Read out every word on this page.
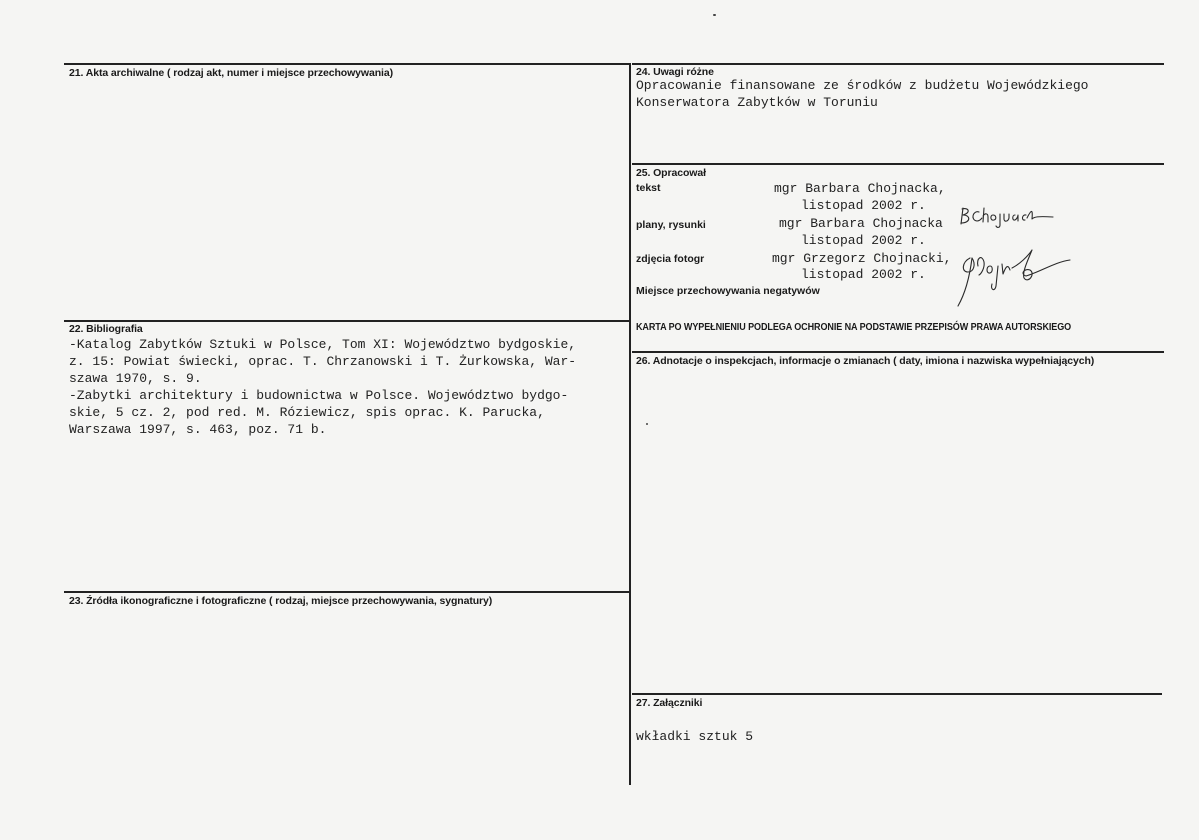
21. Akta archiwalne ( rodzaj akt, numer i miejsce przechowywania)
22. Bibliografia
-Katalog Zabytków Sztuki w Polsce, Tom XI: Województwo bydgoskie,
z. 15: Powiat świecki, oprac. T. Chrzanowski i T. Żurkowska, War-
szawa 1970, s. 9.
-Zabytki architektury i budownictwa w Polsce. Województwo bydgo-
skie, 5 cz. 2, pod red. M. Róziewicz, spis oprac. K. Parucka,
Warszawa 1997, s. 463, poz. 71 b.
23. Źródła ikonograficzne i fotograficzne ( rodzaj, miejsce przechowywania, sygnatury)
24. Uwagi różne
Opracowanie finansowane ze środków z budżetu Wojewódzkiego
Konserwatora Zabytków w Toruniu
25. Opracował
tekst	mgr Barbara Chojnacka,
listopad 2002 r.
plany, rysunki	mgr Barbara Chojnacka
listopad 2002 r.
zdjęcia fotogr	mgr Grzegorz Chojnacki,
listopad 2002 r.
Miejsce przechowywania negatywów
KARTA PO WYPEŁNIENIU PODLEGA OCHRONIE NA PODSTAWIE PRZEPISÓW PRAWA AUTORSKIEGO
26. Adnotacje o inspekcjach, informacje o zmianach ( daty, imiona i nazwiska wypełniających)
27. Załączniki
wkładki sztuk 5
